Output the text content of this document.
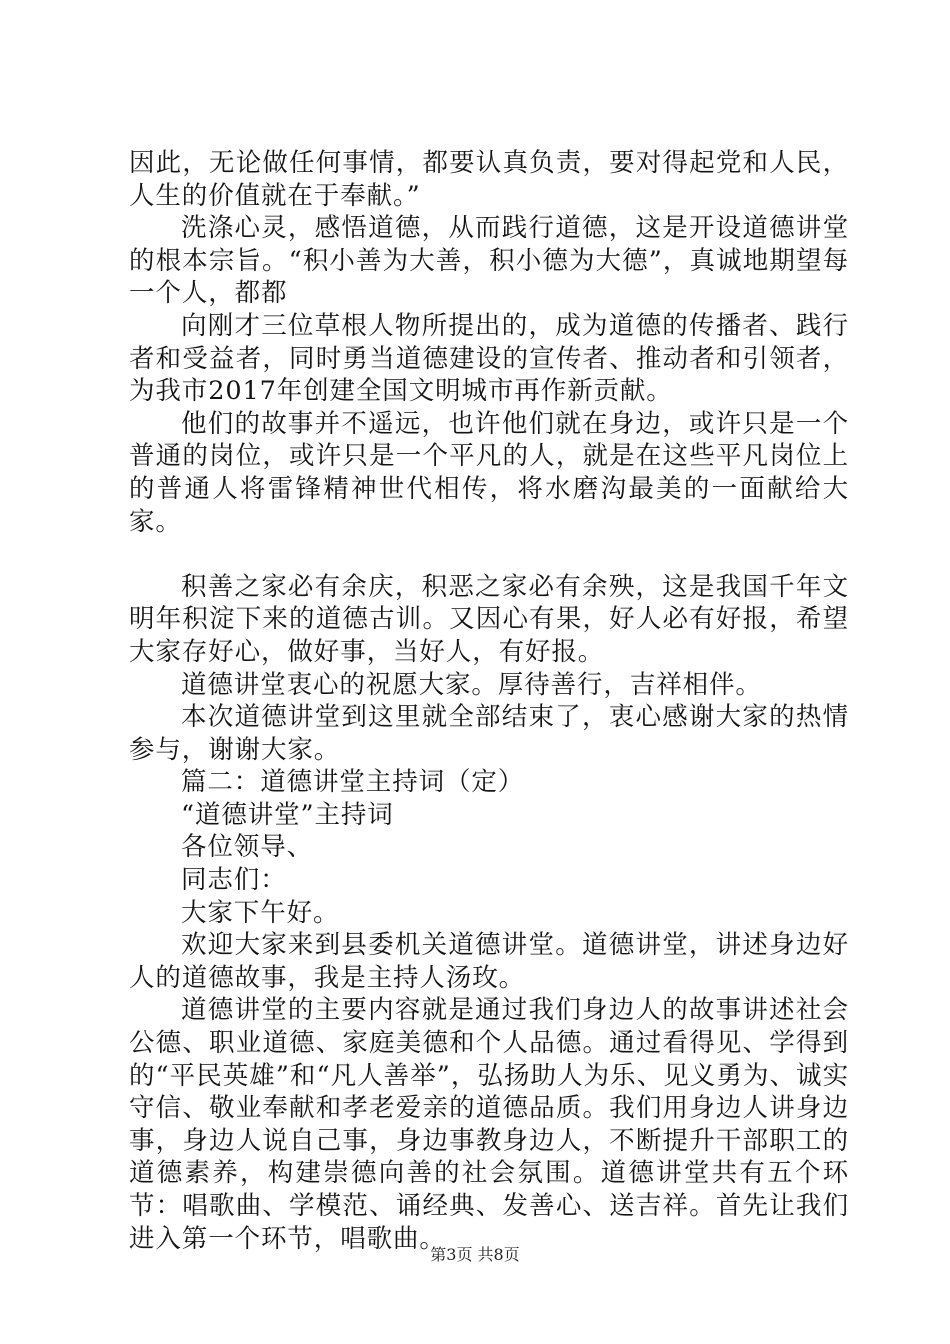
因此，无论做任何事情，都要认真负责，要对得起党和人民，人生的价值就在于奉献。”

洗涤心灵，感悟道德，从而践行道德，这是开设道德讲堂的根本宗旨。“积小善为大善，积小德为大德”，真诚地期望每一个人，都都

向刚才三位草根人物所提出的，成为道德的传播者、践行者和受益者，同时勇当道德建设的宣传者、推动者和引领者，为我市2017年创建全国文明城市再作新贡献。

他们的故事并不遥远，也许他们就在身边，或许只是一个普通的岗位，或许只是一个平凡的人，就是在这些平凡岗位上的普通人将雷锋精神世代相传，将水磨沟最美的一面献给大家。

积善之家必有余庆，积恶之家必有余殃，这是我国千年文明年积淀下来的道德古训。又因心有果，好人必有好报，希望大家存好心，做好事，当好人，有好报。

道德讲堂衷心的祝愿大家。厚待善行，吉祥相伴。

本次道德讲堂到这里就全部结束了，衷心感谢大家的热情参与，谢谢大家。

篇二：道德讲堂主持词（定）

“道德讲堂”主持词

各位领导、

同志们：

大家下午好。

欢迎大家来到县委机关道德讲堂。道德讲堂，讲述身边好人的道德故事，我是主持人汤玫。

道德讲堂的主要内容就是通过我们身边人的故事讲述社会公德、职业道德、家庭美德和个人品德。通过看得见、学得到的“平民英雄”和“凡人善举”，弘扬助人为乐、见义勇为、诚实守信、敬业奉献和孝老爱亲的道德品质。我们用身边人讲身边事，身边人说自己事，身边事教身边人，不断提升干部职工的道德素养，构建崇德向善的社会氛围。道德讲堂共有五个环节：唱歌曲、学模范、诵经典、发善心、送吉祥。首先让我们进入第一个环节，唱歌曲。

第3页 共8页
